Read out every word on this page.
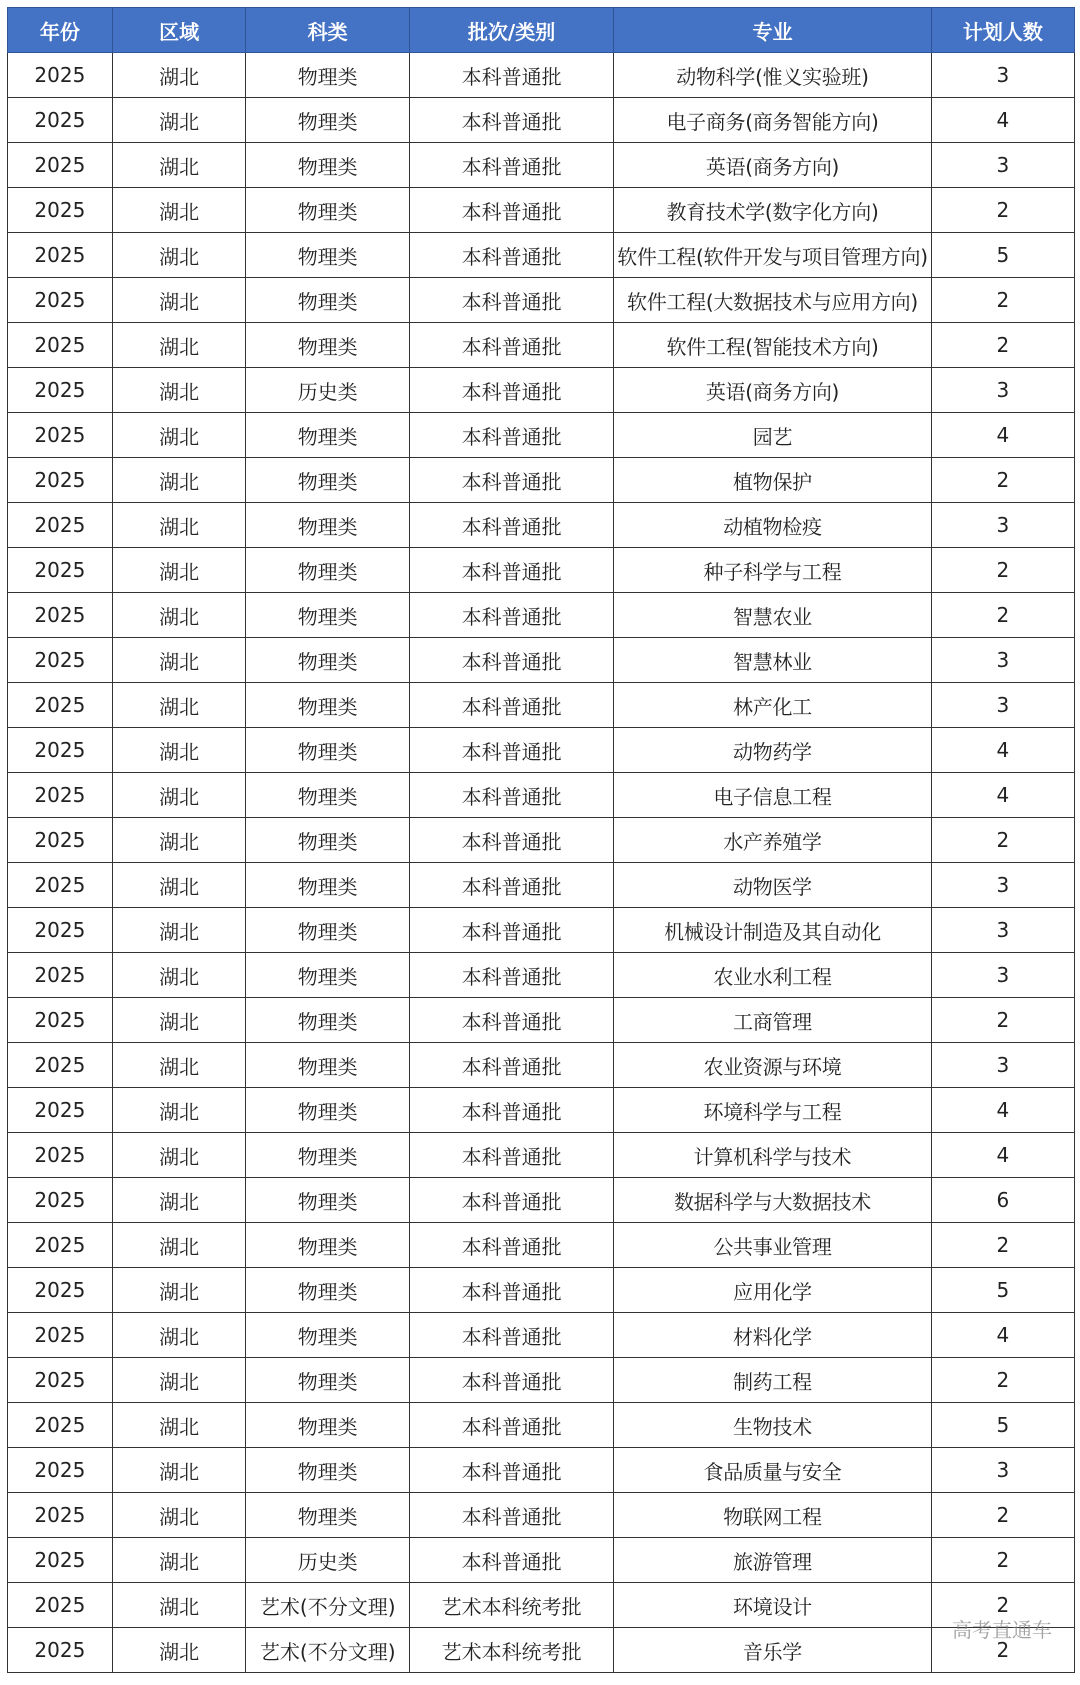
年份	区域	科类	批次/类别	专业	计划人数
2025	湖北	物理类	本科普通批	动物科学(惟义实验班)	3
2025	湖北	物理类	本科普通批	电子商务(商务智能方向)	4
2025	湖北	物理类	本科普通批	英语(商务方向)	3
2025	湖北	物理类	本科普通批	教育技术学(数字化方向)	2
2025	湖北	物理类	本科普通批	软件工程(软件开发与项目管理方向)	5
2025	湖北	物理类	本科普通批	软件工程(大数据技术与应用方向)	2
2025	湖北	物理类	本科普通批	软件工程(智能技术方向)	2
2025	湖北	历史类	本科普通批	英语(商务方向)	3
2025	湖北	物理类	本科普通批	园艺	4
2025	湖北	物理类	本科普通批	植物保护	2
2025	湖北	物理类	本科普通批	动植物检疫	3
2025	湖北	物理类	本科普通批	种子科学与工程	2
2025	湖北	物理类	本科普通批	智慧农业	2
2025	湖北	物理类	本科普通批	智慧林业	3
2025	湖北	物理类	本科普通批	林产化工	3
2025	湖北	物理类	本科普通批	动物药学	4
2025	湖北	物理类	本科普通批	电子信息工程	4
2025	湖北	物理类	本科普通批	水产养殖学	2
2025	湖北	物理类	本科普通批	动物医学	3
2025	湖北	物理类	本科普通批	机械设计制造及其自动化	3
2025	湖北	物理类	本科普通批	农业水利工程	3
2025	湖北	物理类	本科普通批	工商管理	2
2025	湖北	物理类	本科普通批	农业资源与环境	3
2025	湖北	物理类	本科普通批	环境科学与工程	4
2025	湖北	物理类	本科普通批	计算机科学与技术	4
2025	湖北	物理类	本科普通批	数据科学与大数据技术	6
2025	湖北	物理类	本科普通批	公共事业管理	2
2025	湖北	物理类	本科普通批	应用化学	5
2025	湖北	物理类	本科普通批	材料化学	4
2025	湖北	物理类	本科普通批	制药工程	2
2025	湖北	物理类	本科普通批	生物技术	5
2025	湖北	物理类	本科普通批	食品质量与安全	3
2025	湖北	物理类	本科普通批	物联网工程	2
2025	湖北	历史类	本科普通批	旅游管理	2
2025	湖北	艺术(不分文理)	艺术本科统考批	环境设计	2
2025	湖北	艺术(不分文理)	艺术本科统考批	音乐学	2
高考直通车
